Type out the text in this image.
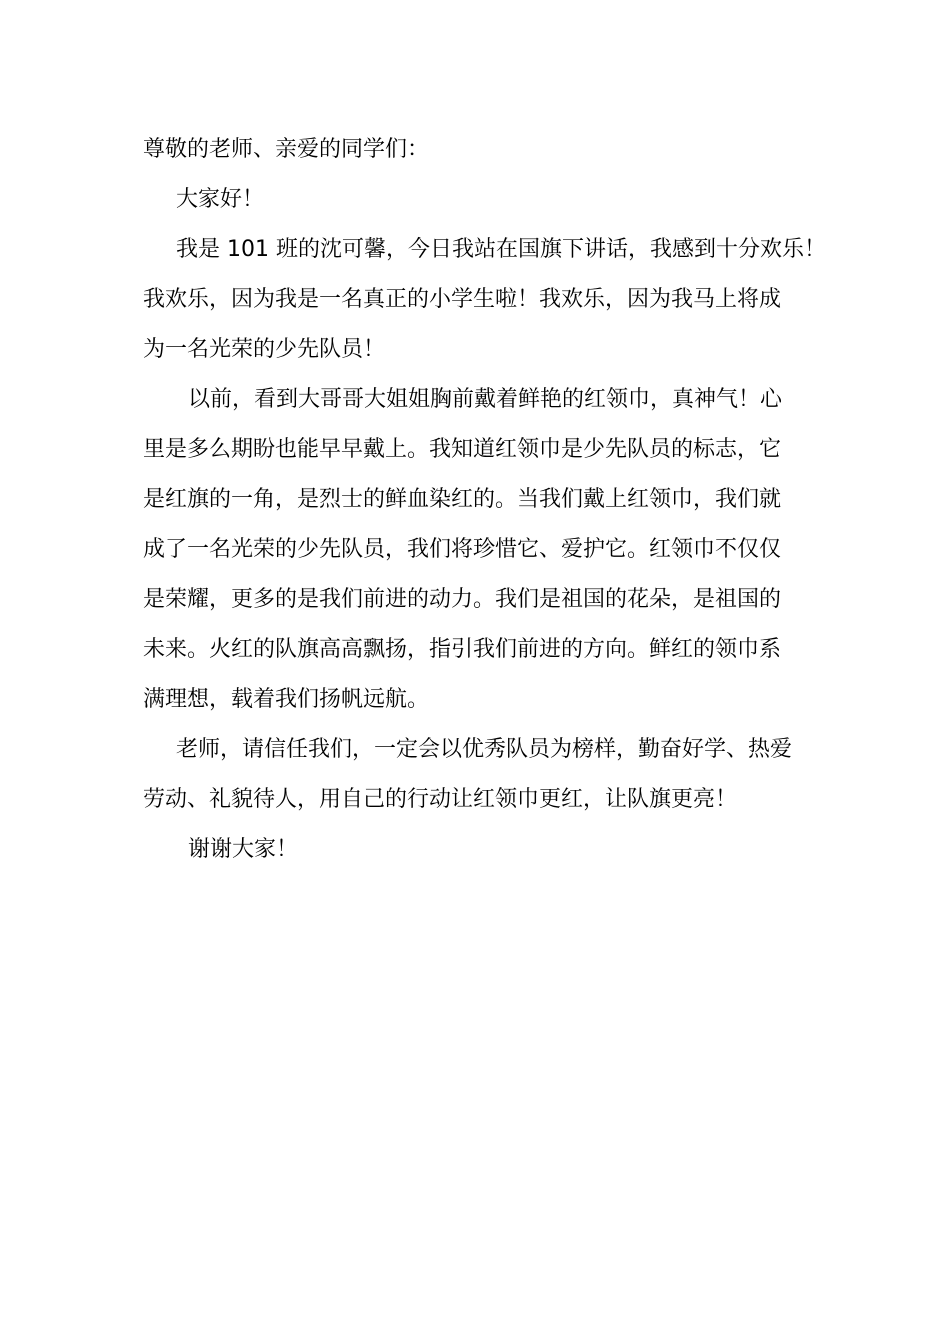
尊敬的老师、亲爱的同学们：
大家好！
我是 101 班的沈可馨，今日我站在国旗下讲话，我感到十分欢乐！
我欢乐，因为我是一名真正的小学生啦！我欢乐，因为我马上将成
为一名光荣的少先队员！
以前，看到大哥哥大姐姐胸前戴着鲜艳的红领巾，真神气！心
里是多么期盼也能早早戴上。我知道红领巾是少先队员的标志，它
是红旗的一角，是烈士的鲜血染红的。当我们戴上红领巾，我们就
成了一名光荣的少先队员，我们将珍惜它、爱护它。红领巾不仅仅
是荣耀，更多的是我们前进的动力。我们是祖国的花朵，是祖国的
未来。火红的队旗高高飘扬，指引我们前进的方向。鲜红的领巾系
满理想，载着我们扬帆远航。
老师，请信任我们，一定会以优秀队员为榜样，勤奋好学、热爱
劳动、礼貌待人，用自己的行动让红领巾更红，让队旗更亮！
谢谢大家！
